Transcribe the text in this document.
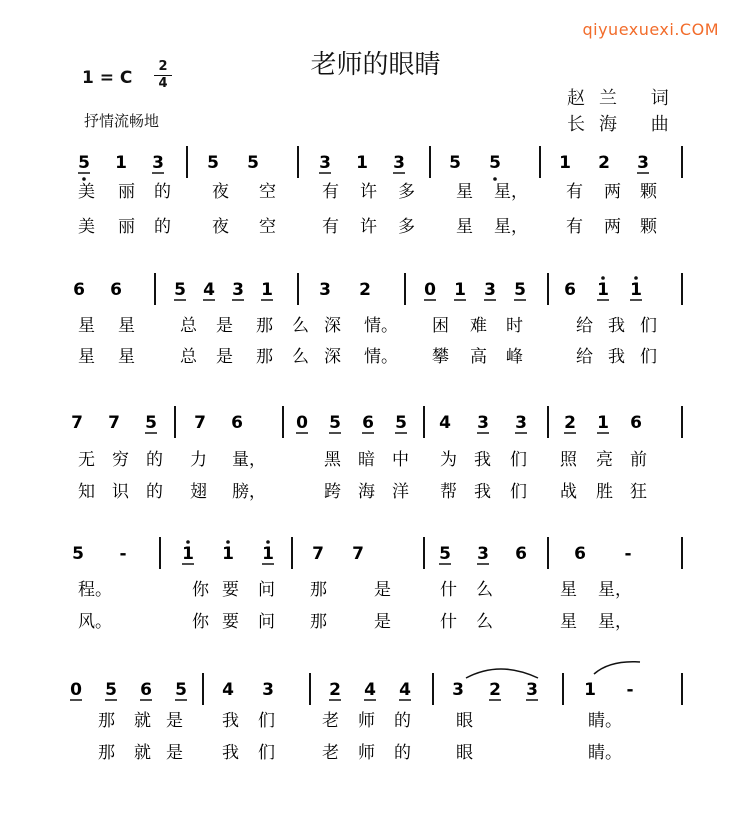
qiyuexuexi.COM
老师的眼睛
1 = C
2
4
抒情流畅地
赵兰 词
长海 曲
5 1 3	5 5	3 1 3	5 5	1 2 3
美 丽 的 夜 空	有 许 多 星 星， 有 两 颗
美 丽 的 夜 空	有 许 多 星 星， 有 两 颗
6 6	5 4 3 1	3 2	0 1 3 5 6 1 1
星 星	总 是 那 么 深 情。 困 难 时	给 我 们
星 星	总 是 那 么 深 情。 攀 高 峰	给 我 们
7 7 5 7 6	0 5 6 5 4 3 3 2 1 6
无 穷 的 力 量，	黑 暗 中 为 我 们 照 亮 前
知 识 的 翅 膀，	跨 海 洋 帮 我 们 战 胜 狂
5 -	1 1 1 7 7	5 3 6	6 -
程。	你 要 问 那	是	什 么	星 星，
风。	你 要 问 那	是	什 么	星 星，
0 5 6 5 4 3	2 4 4 3 2 3	1 -
那 就 是 我 们	老 师 的	眼	睛。
那 就 是 我 们	老 师 的	眼	睛。
